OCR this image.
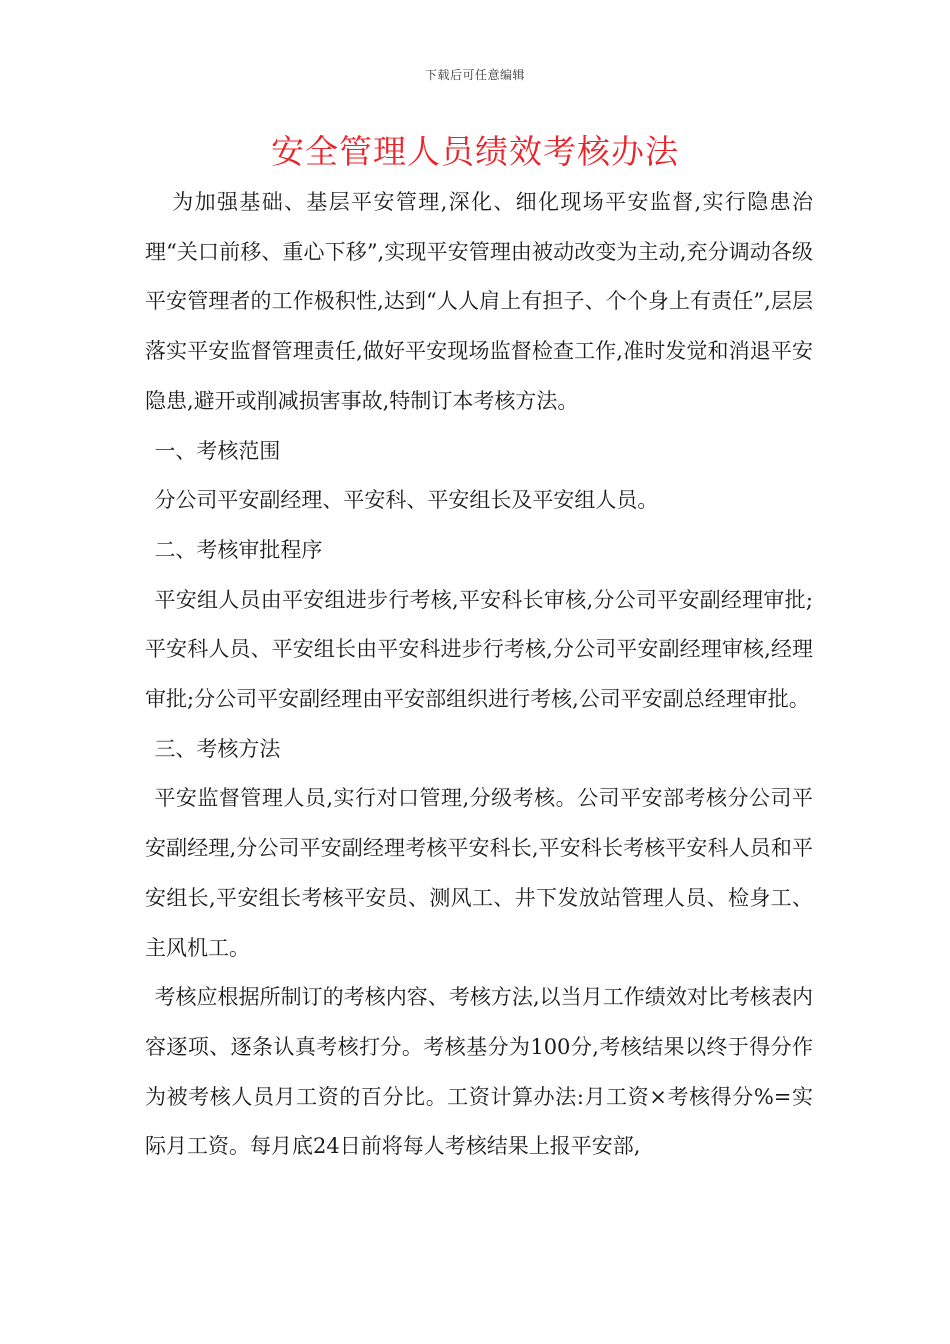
下载后可任意编辑
安全管理人员绩效考核办法

为加强基础、基层平安管理,深化、细化现场平安监督,实行隐患治理“关口前移、重心下移”,实现平安管理由被动改变为主动,充分调动各级平安管理者的工作极积性,达到“人人肩上有担子、个个身上有责任”,层层落实平安监督管理责任,做好平安现场监督检查工作,准时发觉和消退平安隐患,避开或削减损害事故,特制订本考核方法。

一、考核范围

分公司平安副经理、平安科、平安组长及平安组人员。

二、考核审批程序

平安组人员由平安组进步行考核,平安科长审核,分公司平安副经理审批;平安科人员、平安组长由平安科进步行考核,分公司平安副经理审核,经理审批;分公司平安副经理由平安部组织进行考核,公司平安副总经理审批。

三、考核方法

平安监督管理人员,实行对口管理,分级考核。公司平安部考核分公司平安副经理,分公司平安副经理考核平安科长,平安科长考核平安科人员和平安组长,平安组长考核平安员、测风工、井下发放站管理人员、检身工、主风机工。

考核应根据所制订的考核内容、考核方法,以当月工作绩效对比考核表内容逐项、逐条认真考核打分。考核基分为100分,考核结果以终于得分作为被考核人员月工资的百分比。工资计算办法:月工资×考核得分%=实际月工资。每月底24日前将每人考核结果上报平安部,
